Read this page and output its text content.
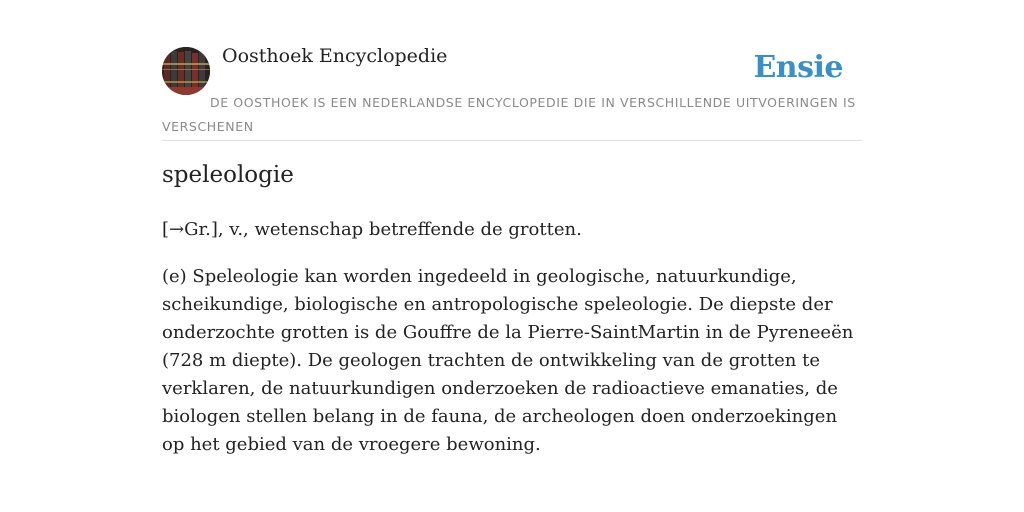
Oosthoek Encyclopedie	Ensie

DE OOSTHOEK IS EEN NEDERLANDSE ENCYCLOPEDIE DIE IN VERSCHILLENDE UITVOERINGEN IS VERSCHENEN

speleologie

[→Gr.], v., wetenschap betreffende de grotten.

(e) Speleologie kan worden ingedeeld in geologische, natuurkundige, scheikundige, biologische en antropologische speleologie. De diepste der onderzochte grotten is de Gouffre de la Pierre-SaintMartin in de Pyreneeën (728 m diepte). De geologen trachten de ontwikkeling van de grotten te verklaren, de natuurkundigen onderzoeken de radioactieve emanaties, de biologen stellen belang in de fauna, de archeologen doen onderzoekingen op het gebied van de vroegere bewoning.
